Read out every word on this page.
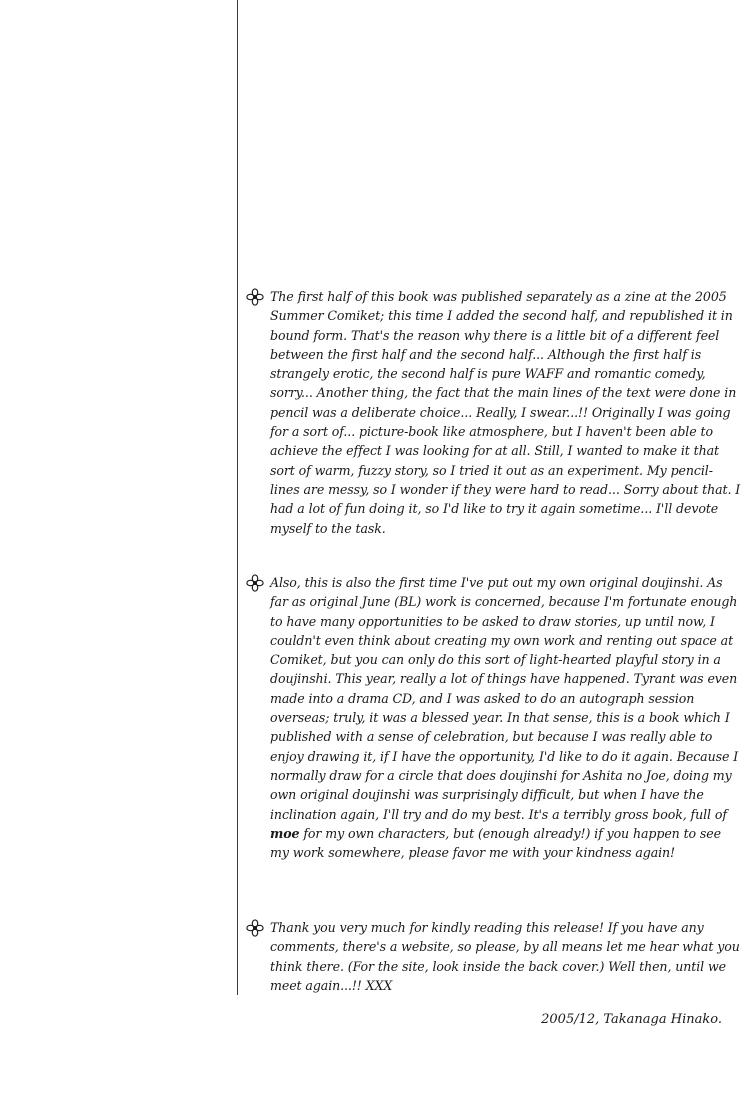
The first half of this book was published separately as a zine at the 2005 Summer Comiket; this time I added the second half, and republished it in bound form. That's the reason why there is a little bit of a different feel between the first half and the second half... Although the first half is strangely erotic, the second half is pure WAFF and romantic comedy, sorry... Another thing, the fact that the main lines of the text were done in pencil was a deliberate choice... Really, I swear...!! Originally I was going for a sort of... picture-book like atmosphere, but I haven't been able to achieve the effect I was looking for at all. Still, I wanted to make it that sort of warm, fuzzy story, so I tried it out as an experiment. My pencil-lines are messy, so I wonder if they were hard to read... Sorry about that. I had a lot of fun doing it, so I'd like to try it again sometime... I'll devote myself to the task.

Also, this is also the first time I've put out my own original doujinshi. As far as original June (BL) work is concerned, because I'm fortunate enough to have many opportunities to be asked to draw stories, up until now, I couldn't even think about creating my own work and renting out space at Comiket, but you can only do this sort of light-hearted playful story in a doujinshi. This year, really a lot of things have happened. Tyrant was even made into a drama CD, and I was asked to do an autograph session overseas; truly, it was a blessed year. In that sense, this is a book which I published with a sense of celebration, but because I was really able to enjoy drawing it, if I have the opportunity, I'd like to do it again. Because I normally draw for a circle that does doujinshi for Ashita no Joe, doing my own original doujinshi was surprisingly difficult, but when I have the inclination again, I'll try and do my best. It's a terribly gross book, full of moe for my own characters, but (enough already!) if you happen to see my work somewhere, please favor me with your kindness again!

Thank you very much for kindly reading this release! If you have any comments, there's a website, so please, by all means let me hear what you think there. (For the site, look inside the back cover.) Well then, until we meet again...!! XXX

2005/12, Takanaga Hinako.
